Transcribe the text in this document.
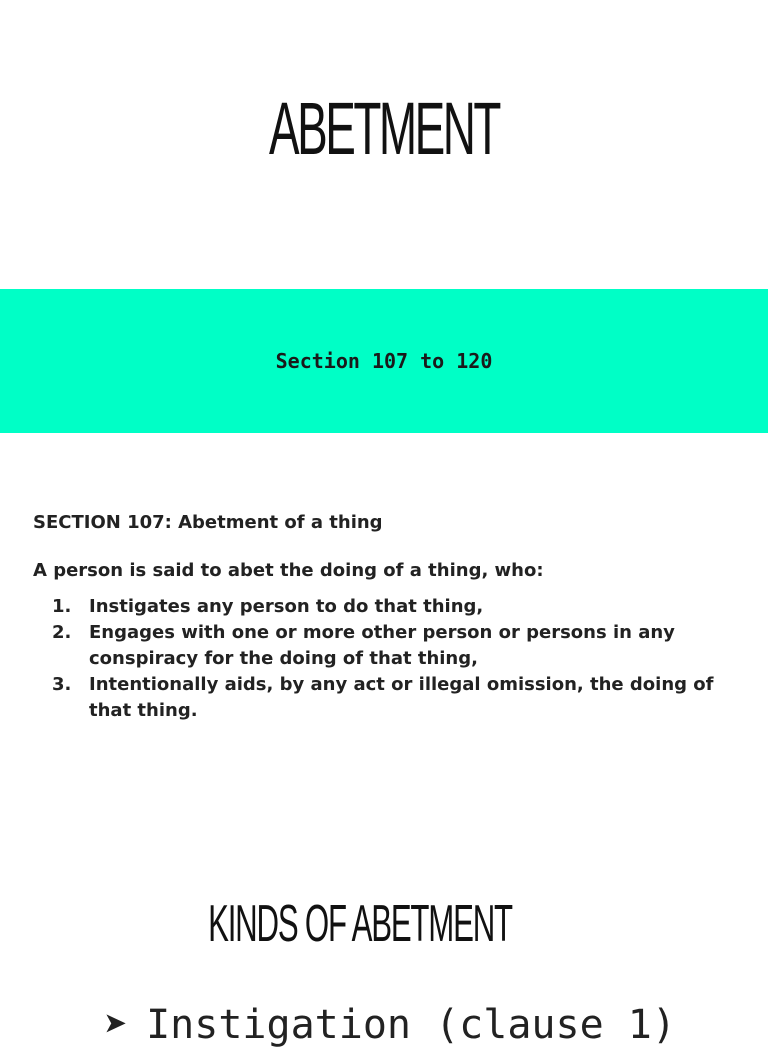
ABETMENT
Section 107 to 120

SECTION 107: Abetment of a thing

A person is said to abet the doing of a thing, who:

1. Instigates any person to do that thing,
2. Engages with one or more other person or persons in any conspiracy for the doing of that thing,
3. Intentionally aids, by any act or illegal omission, the doing of that thing.
KINDS OF ABETMENT
➤ Instigation (clause 1)
